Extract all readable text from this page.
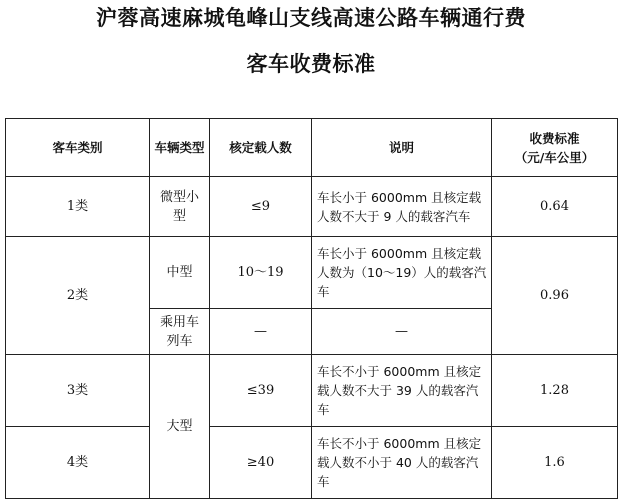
沪蓉高速麻城龟峰山支线高速公路车辆通行费
客车收费标准
客车类别	车辆类型	核定载人数	说明	收费标准
（元/车公里）

1类	微型小型	≤9	车长小于 6000mm 且核定载人数不大于 9 人的载客汽车	0.64
2类	中型	10～19	车长小于 6000mm 且核定载人数为（10～19）人的载客汽车	0.96
	乘用车列车	—	—	
3类	大型	≤39	车长不小于 6000mm 且核定载人数不大于 39 人的载客汽车	1.28
4类		≥40	车长不小于 6000mm 且核定载人数不小于 40 人的载客汽车	1.6
